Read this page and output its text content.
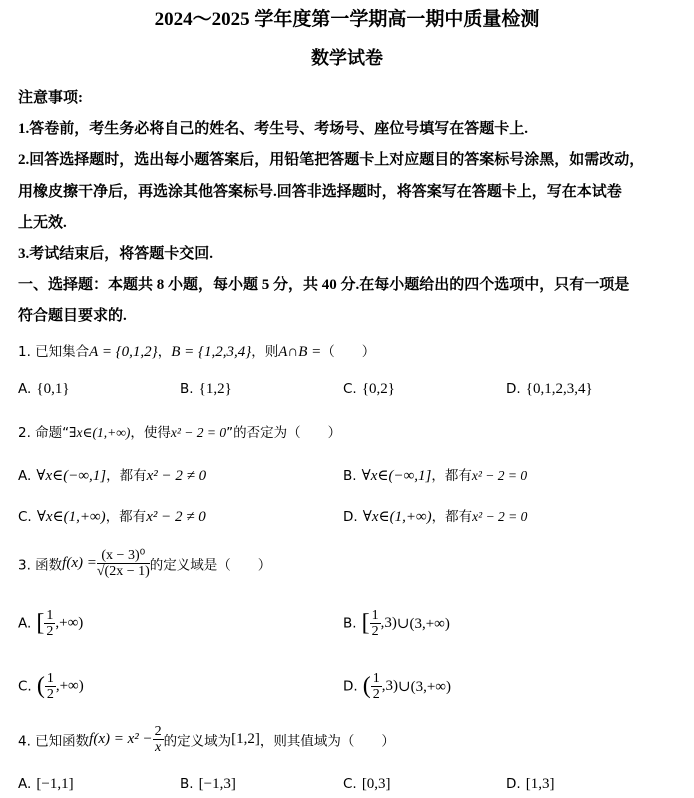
2024～2025 学年度第一学期高一期中质量检测
数学试卷
注意事项:
1.答卷前，考生务必将自己的姓名、考生号、考场号、座位号填写在答题卡上.
2.回答选择题时，选出每小题答案后，用铅笔把答题卡上对应题目的答案标号涂黑，如需改动，
用橡皮擦干净后，再选涂其他答案标号.回答非选择题时，将答案写在答题卡上，写在本试卷
上无效.
3.考试结束后，将答题卡交回.
一、选择题：本题共 8 小题，每小题 5 分，共 40 分.在每小题给出的四个选项中，只有一项是
符合题目要求的.
1. 已知集合A = {0,1,2}，B = {1,2,3,4}，则A∩B =（　　）
A. {0,1}	B. {1,2}	C. {0,2}	D. {0,1,2,3,4}
2. 命题“∃x∈(1,+∞)，使得x² − 2 = 0”的否定为（　　）
A. ∀x∈(−∞,1]，都有x² − 2 ≠ 0	B. ∀x∈(−∞,1]，都有x² − 2 = 0
C. ∀x∈(1,+∞)，都有x² − 2 ≠ 0	D. ∀x∈(1,+∞)，都有x² − 2 = 0
3. 函数$f(x) = \frac{\text{(x − 3)⁰}}{√(2x - 1)}$ 的定义域是（　　）
A. [ $\frac{1}{2}$ ,+∞)	B. [ $\frac{1}{2}$ ,3)∪(3,+∞)
C. ( $\frac{1}{2}$ ,+∞)	D. ( $\frac{1}{2}$ ,3)∪(3,+∞)
4. 已知函数$f(x) = x^2 - \frac{2}{x}$ 的定义域为[1,2]，则其值域为（　　）
A. [−1,1]	B. [−1,3]	C. [0,3]	D. [1,3]
